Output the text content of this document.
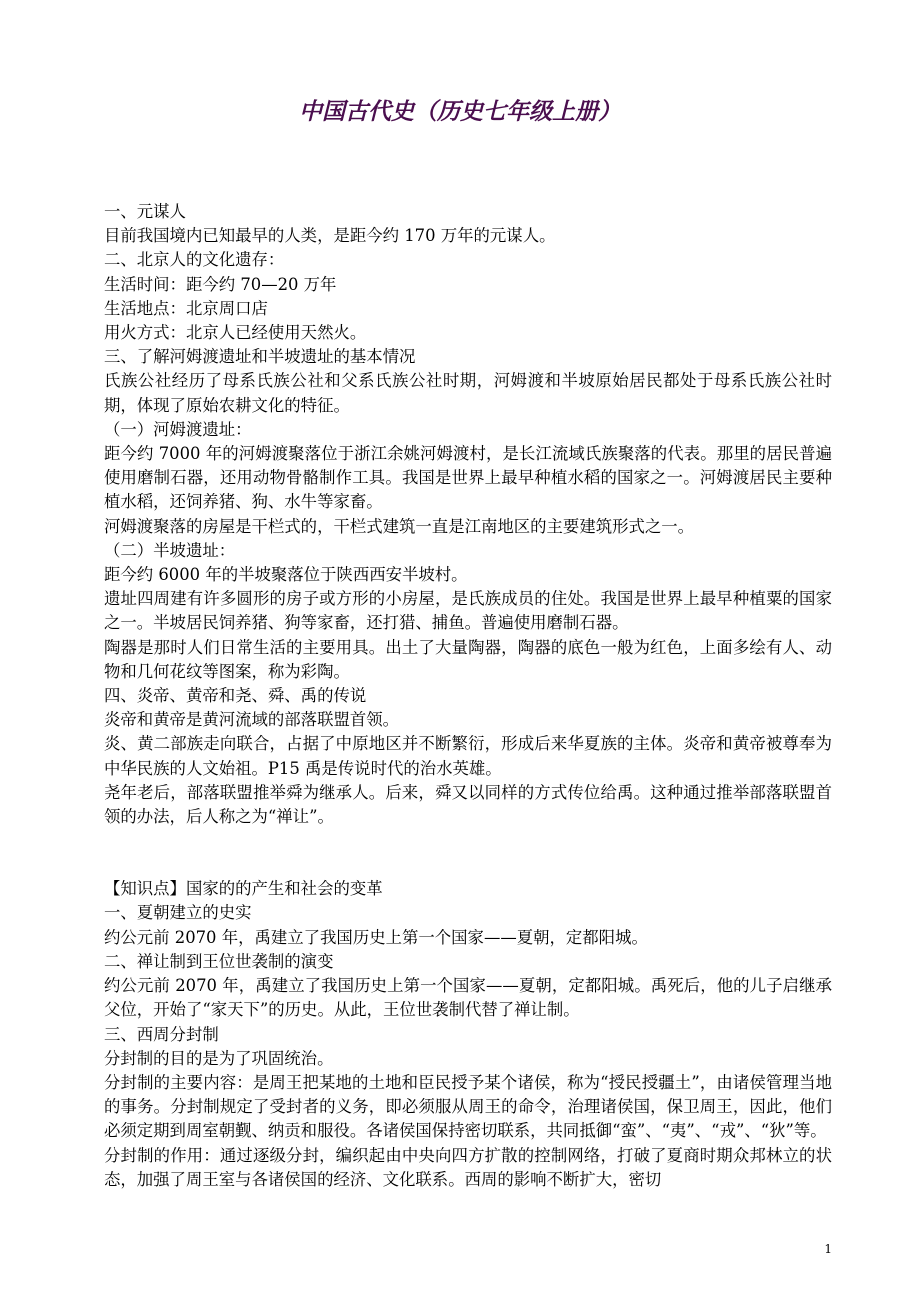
中国古代史（历史七年级上册）

一、元谋人

目前我国境内已知最早的人类，是距今约 170 万年的元谋人。

二、北京人的文化遗存：

生活时间：距今约 70—20 万年

生活地点：北京周口店

用火方式：北京人已经使用天然火。

三、了解河姆渡遗址和半坡遗址的基本情况

氏族公社经历了母系氏族公社和父系氏族公社时期，河姆渡和半坡原始居民都处于母系氏族公社时期，体现了原始农耕文化的特征。

（一）河姆渡遗址：

距今约 7000 年的河姆渡聚落位于浙江余姚河姆渡村，是长江流域氏族聚落的代表。那里的居民普遍使用磨制石器，还用动物骨骼制作工具。我国是世界上最早种植水稻的国家之一。河姆渡居民主要种植水稻，还饲养猪、狗、水牛等家畜。

河姆渡聚落的房屋是干栏式的，干栏式建筑一直是江南地区的主要建筑形式之一。

（二）半坡遗址：

距今约 6000 年的半坡聚落位于陕西西安半坡村。

遗址四周建有许多圆形的房子或方形的小房屋，是氏族成员的住处。我国是世界上最早种植粟的国家之一。半坡居民饲养猪、狗等家畜，还打猎、捕鱼。普遍使用磨制石器。

陶器是那时人们日常生活的主要用具。出土了大量陶器，陶器的底色一般为红色，上面多绘有人、动物和几何花纹等图案，称为彩陶。

四、炎帝、黄帝和尧、舜、禹的传说

炎帝和黄帝是黄河流域的部落联盟首领。

炎、黄二部族走向联合，占据了中原地区并不断繁衍，形成后来华夏族的主体。炎帝和黄帝被尊奉为中华民族的人文始祖。P15 禹是传说时代的治水英雄。

尧年老后，部落联盟推举舜为继承人。后来，舜又以同样的方式传位给禹。这种通过推举部落联盟首领的办法，后人称之为“禅让”。

【知识点】国家的的产生和社会的变革

一、夏朝建立的史实

约公元前 2070 年，禹建立了我国历史上第一个国家——夏朝，定都阳城。

二、禅让制到王位世袭制的演变

约公元前 2070 年，禹建立了我国历史上第一个国家——夏朝，定都阳城。禹死后，他的儿子启继承父位，开始了“家天下”的历史。从此，王位世袭制代替了禅让制。

三、西周分封制

分封制的目的是为了巩固统治。

分封制的主要内容：是周王把某地的土地和臣民授予某个诸侯，称为“授民授疆土”，由诸侯管理当地的事务。分封制规定了受封者的义务，即必须服从周王的命令，治理诸侯国，保卫周王，因此，他们必须定期到周室朝觐、纳贡和服役。各诸侯国保持密切联系，共同抵御“蛮”、“夷”、“戎”、“狄”等。

分封制的作用：通过逐级分封，编织起由中央向四方扩散的控制网络，打破了夏商时期众邦林立的状态，加强了周王室与各诸侯国的经济、文化联系。西周的影响不断扩大，密切

1
